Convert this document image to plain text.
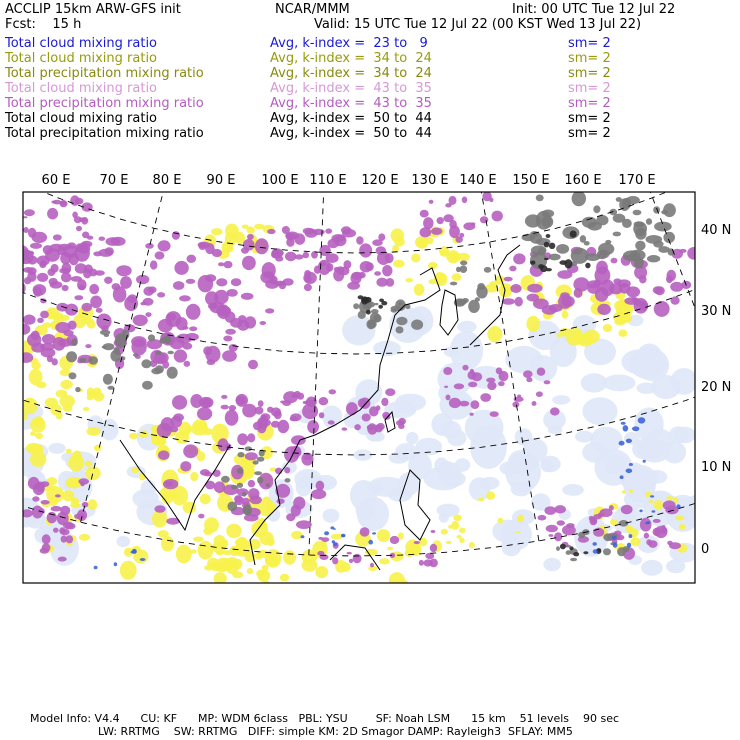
ACCLIP 15km ARW-GFS init	NCAR/MMM	Init: 00 UTC Tue 12 Jul 22
Fcst:    15 h	Valid: 15 UTC Tue 12 Jul 22 (00 KST Wed 13 Jul 22)
Total cloud mixing ratio	Avg, k-index =  23 to   9	sm= 2
Total cloud mixing ratio	Avg, k-index =  34 to  24	sm= 2
Total precipitation mixing ratio	Avg, k-index =  34 to  24	sm= 2
Total cloud mixing ratio	Avg, k-index =  43 to  35	sm= 2
Total precipitation mixing ratio	Avg, k-index =  43 to  35	sm= 2
Total cloud mixing ratio	Avg, k-index =  50 to  44	sm= 2
Total precipitation mixing ratio	Avg, k-index =  50 to  44	sm= 2
60 E 70 E 80 E 90 E 100 E 110 E 120 E 130 E 140 E 150 E 160 E 170 E
40 N
30 N
20 N
10 N
0
Model Info: V4.4      CU: KF      MP: WDM 6class   PBL: YSU        SF: Noah LSM      15 km    51 levels    90 sec
LW: RRTMG    SW: RRTMG   DIFF: simple KM: 2D Smagor DAMP: Rayleigh3  SFLAY: MM5
